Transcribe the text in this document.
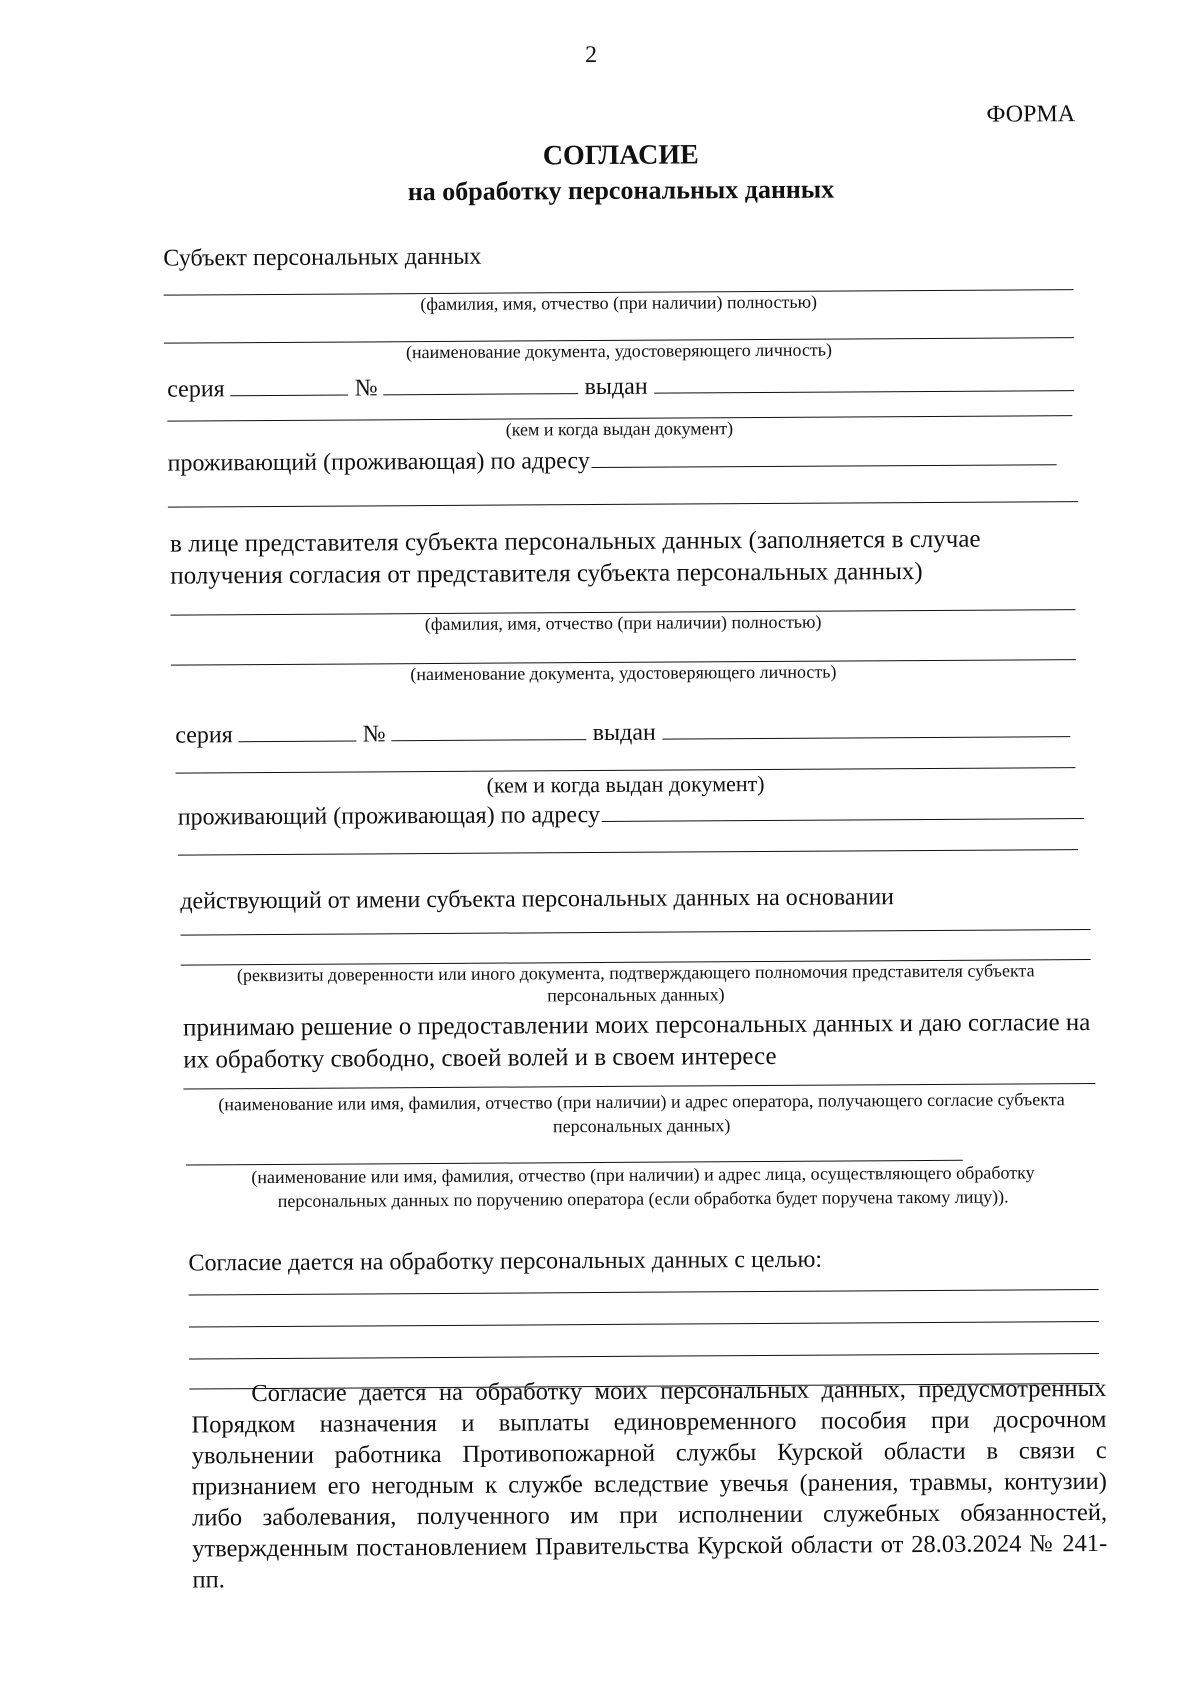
2
ФОРМА
СОГЛАСИЕ
на обработку персональных данных
Субъект персональных данных
(фамилия, имя, отчество (при наличии) полностью)
(наименование документа, удостоверяющего личность)
серия	№	выдан
(кем и когда выдан документ)
проживающий (проживающая) по адресу
в лице представителя субъекта персональных данных (заполняется в случае получения согласия от представителя субъекта персональных данных)
(фамилия, имя, отчество (при наличии) полностью)
(наименование документа, удостоверяющего личность)
серия	№	выдан
(кем и когда выдан документ)
проживающий (проживающая) по адресу
действующий от имени субъекта персональных данных на основании
(реквизиты доверенности или иного документа, подтверждающего полномочия представителя субъекта персональных данных)
принимаю решение о предоставлении моих персональных данных и даю согласие на их обработку свободно, своей волей и в своем интересе
(наименование или имя, фамилия, отчество (при наличии) и адрес оператора, получающего согласие субъекта персональных данных)
(наименование или имя, фамилия, отчество (при наличии) и адрес лица, осуществляющего обработку персональных данных по поручению оператора (если обработка будет поручена такому лицу)).
Согласие дается на обработку персональных данных с целью:
Согласие дается на обработку моих персональных данных, предусмотренных Порядком назначения и выплаты единовременного пособия при досрочном увольнении работника Противопожарной службы Курской области в связи с признанием его негодным к службе вследствие увечья (ранения, травмы, контузии) либо заболевания, полученного им при исполнении служебных обязанностей, утвержденным постановлением Правительства Курской области от 28.03.2024 № 241-пп.
